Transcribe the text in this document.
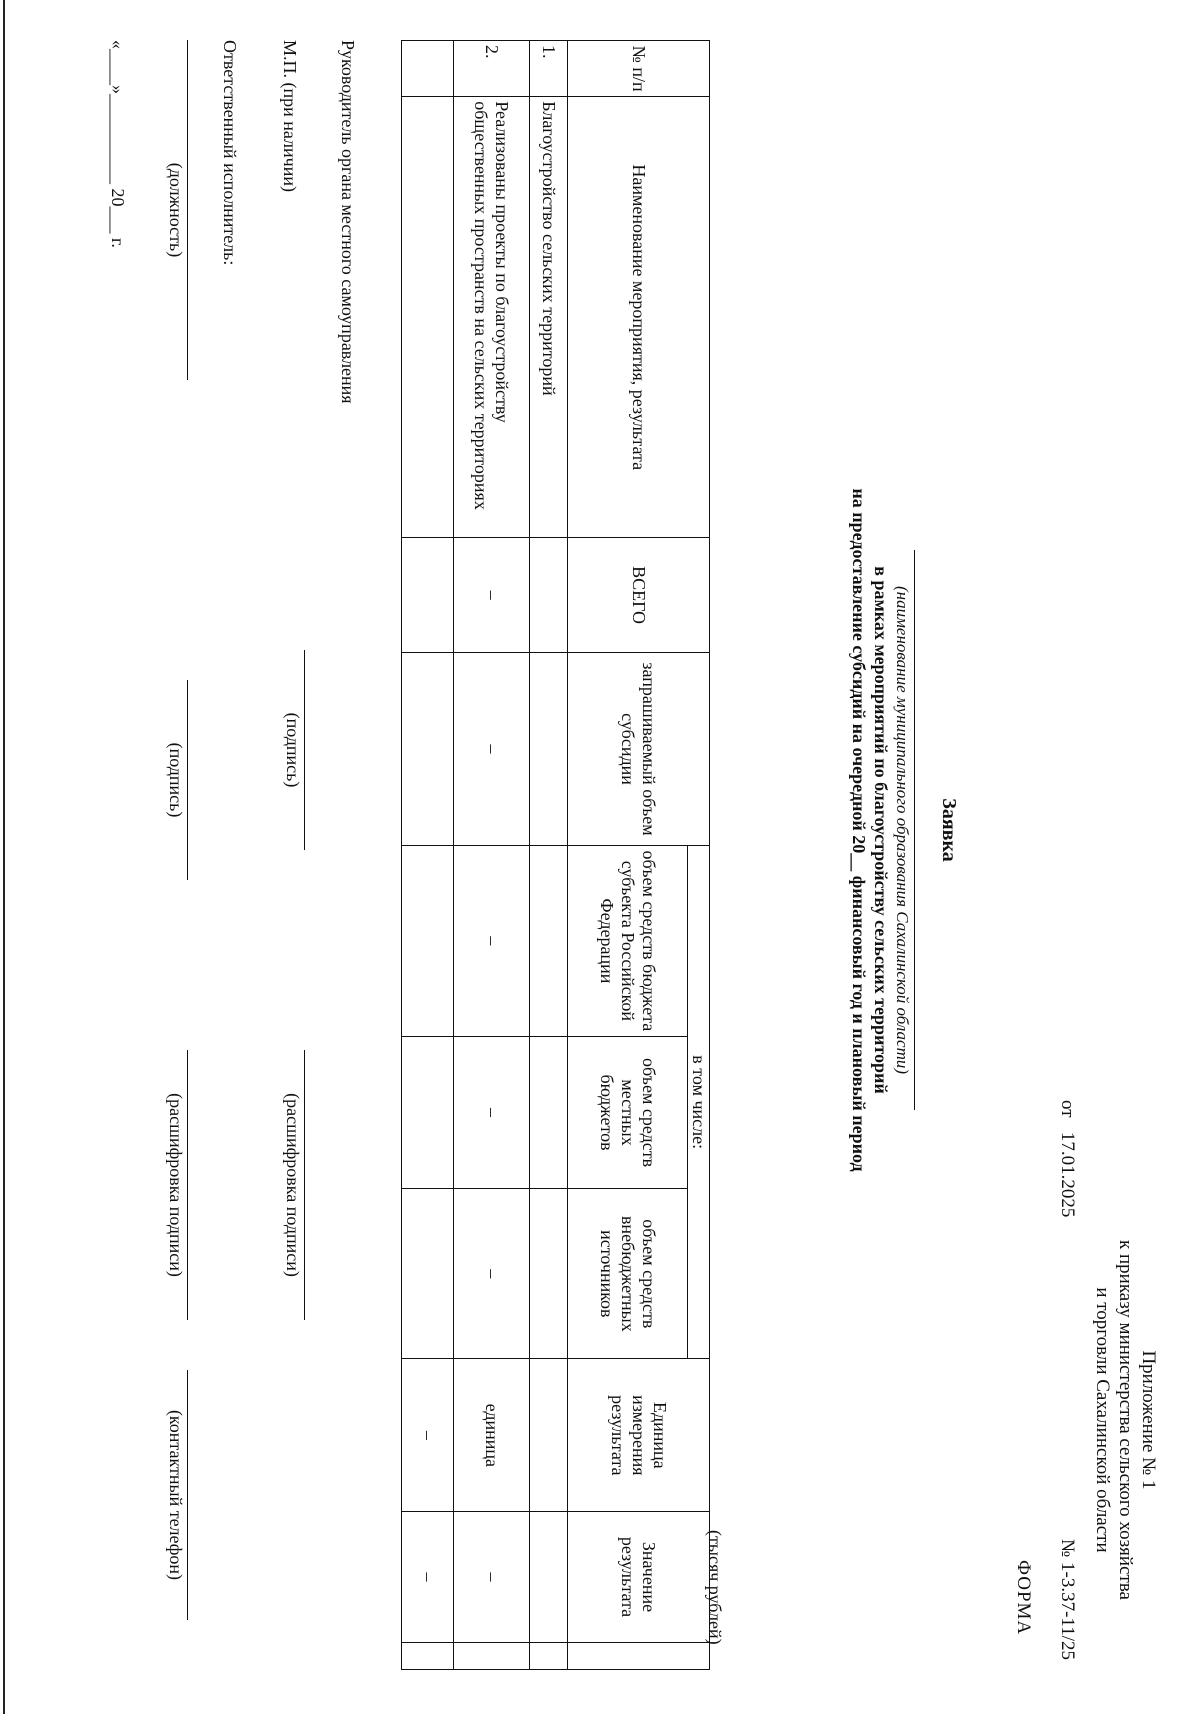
Приложение № 1
к приказу министерства сельского хозяйства
и торговли Сахалинской области
от   17.01.2025
№ 1-3.37-11/25
ФОРМА
Заявка
(наименование муниципального образования Сахалинской области)
в рамках мероприятий по благоустройству сельских территорий
на предоставление субсидий на очередной 20__ финансовый год и плановый период
(тысяч рублей)
№ п/п	Наименование мероприятия, результата	ВСЕГО	запрашиваемый объем субсидии	в том числе:			Единица измерения результата	Значение результата	
				объем средств бюджета субъекта Российской Федерации	объем средств местных бюджетов	объем средств внебюджетных источников			
1.	Благоустройство сельских территорий								
2.	Реализованы проекты по благоустройству общественных пространств на сельских территориях	–	–	–	–	–	единица	–	
							–	–	
Руководитель органа местного самоуправления
(подпись)
(расшифровка подписи)
М.П. (при наличии)
Ответственный исполнитель:
(должность)
(подпись)
(расшифровка подписи)
(контактный телефон)
«____»__________ 20___ г.
